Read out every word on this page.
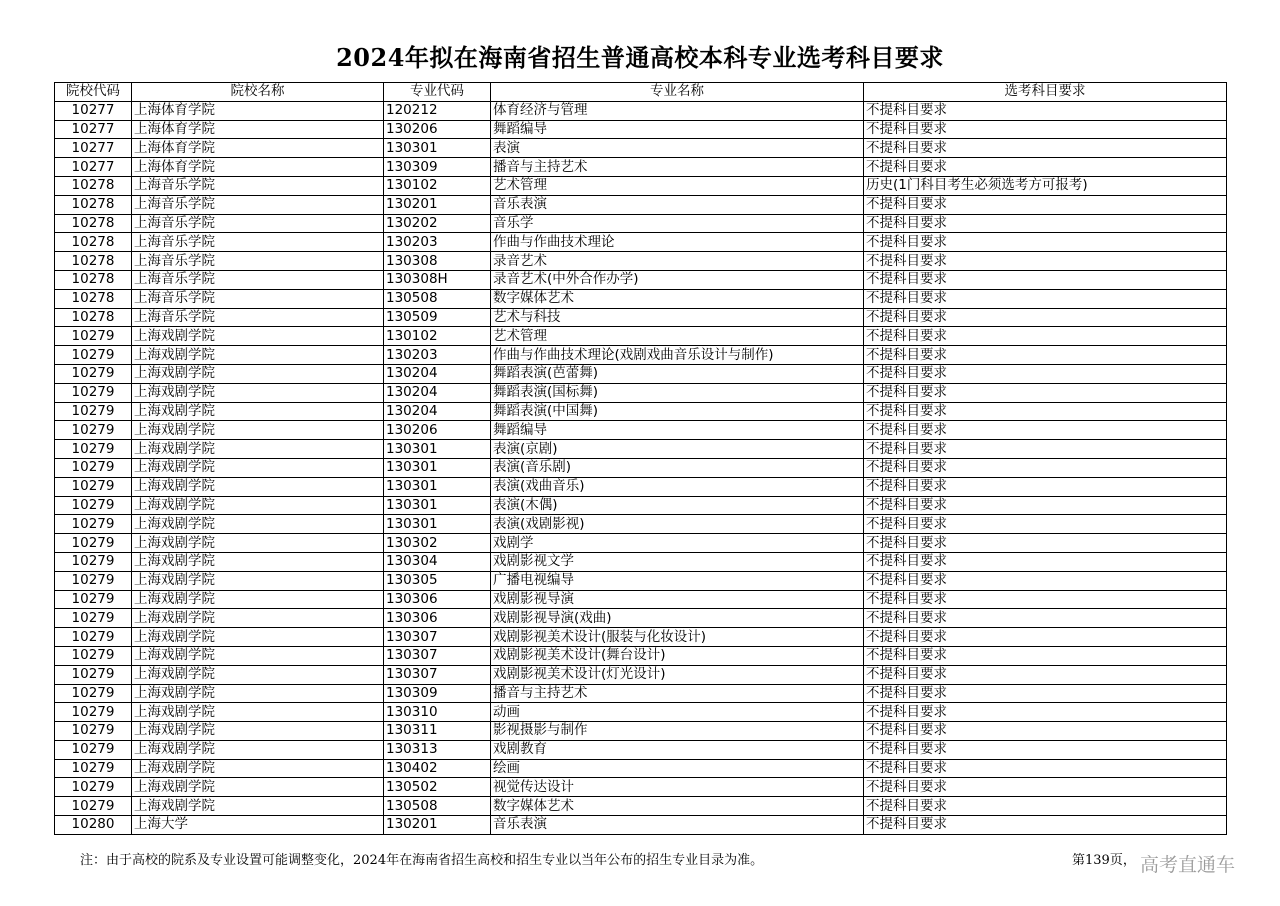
2024年拟在海南省招生普通高校本科专业选考科目要求
院校代码	院校名称	专业代码	专业名称	选考科目要求
10277	上海体育学院	120212	体育经济与管理	不提科目要求
10277	上海体育学院	130206	舞蹈编导	不提科目要求
10277	上海体育学院	130301	表演	不提科目要求
10277	上海体育学院	130309	播音与主持艺术	不提科目要求
10278	上海音乐学院	130102	艺术管理	历史(1门科目考生必须选考方可报考)
10278	上海音乐学院	130201	音乐表演	不提科目要求
10278	上海音乐学院	130202	音乐学	不提科目要求
10278	上海音乐学院	130203	作曲与作曲技术理论	不提科目要求
10278	上海音乐学院	130308	录音艺术	不提科目要求
10278	上海音乐学院	130308H	录音艺术(中外合作办学)	不提科目要求
10278	上海音乐学院	130508	数字媒体艺术	不提科目要求
10278	上海音乐学院	130509	艺术与科技	不提科目要求
10279	上海戏剧学院	130102	艺术管理	不提科目要求
10279	上海戏剧学院	130203	作曲与作曲技术理论(戏剧戏曲音乐设计与制作)	不提科目要求
10279	上海戏剧学院	130204	舞蹈表演(芭蕾舞)	不提科目要求
10279	上海戏剧学院	130204	舞蹈表演(国标舞)	不提科目要求
10279	上海戏剧学院	130204	舞蹈表演(中国舞)	不提科目要求
10279	上海戏剧学院	130206	舞蹈编导	不提科目要求
10279	上海戏剧学院	130301	表演(京剧)	不提科目要求
10279	上海戏剧学院	130301	表演(音乐剧)	不提科目要求
10279	上海戏剧学院	130301	表演(戏曲音乐)	不提科目要求
10279	上海戏剧学院	130301	表演(木偶)	不提科目要求
10279	上海戏剧学院	130301	表演(戏剧影视)	不提科目要求
10279	上海戏剧学院	130302	戏剧学	不提科目要求
10279	上海戏剧学院	130304	戏剧影视文学	不提科目要求
10279	上海戏剧学院	130305	广播电视编导	不提科目要求
10279	上海戏剧学院	130306	戏剧影视导演	不提科目要求
10279	上海戏剧学院	130306	戏剧影视导演(戏曲)	不提科目要求
10279	上海戏剧学院	130307	戏剧影视美术设计(服装与化妆设计)	不提科目要求
10279	上海戏剧学院	130307	戏剧影视美术设计(舞台设计)	不提科目要求
10279	上海戏剧学院	130307	戏剧影视美术设计(灯光设计)	不提科目要求
10279	上海戏剧学院	130309	播音与主持艺术	不提科目要求
10279	上海戏剧学院	130310	动画	不提科目要求
10279	上海戏剧学院	130311	影视摄影与制作	不提科目要求
10279	上海戏剧学院	130313	戏剧教育	不提科目要求
10279	上海戏剧学院	130402	绘画	不提科目要求
10279	上海戏剧学院	130502	视觉传达设计	不提科目要求
10279	上海戏剧学院	130508	数字媒体艺术	不提科目要求
10280	上海大学	130201	音乐表演	不提科目要求
注：由于高校的院系及专业设置可能调整变化，2024年在海南省招生高校和招生专业以当年公布的招生专业目录为准。	第139页， 高考直通车
